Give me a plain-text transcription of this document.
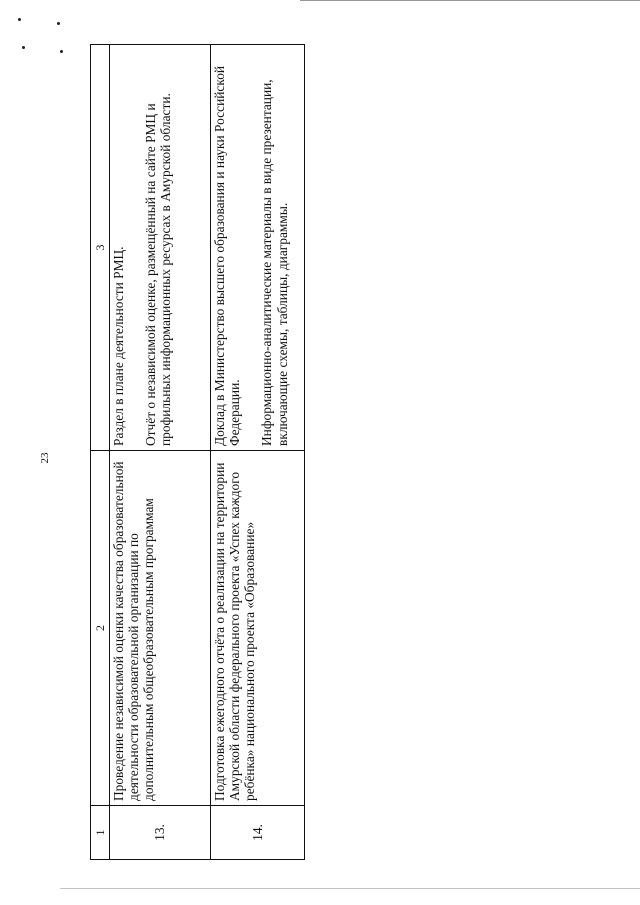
23
1	2	3
13.	Проведение независимой оценки качества образовательной деятельности образовательной организации по дополнительным общеобразовательным программам	Раздел в плане деятельности РМЦ. Отчёт о независимой оценке, размещённый на сайте РМЦ и профильных информационных ресурсах в Амурской области.

14.	Подготовка ежегодного отчёта о реализации на территории Амурской области федерального проекта «Успех каждого ребёнка» национального проекта «Образование»	Доклад в Министерство высшего образования и науки Российской Федерации. Информационно-аналитические материалы в виде презентации, включающие схемы, таблицы, диаграммы.
